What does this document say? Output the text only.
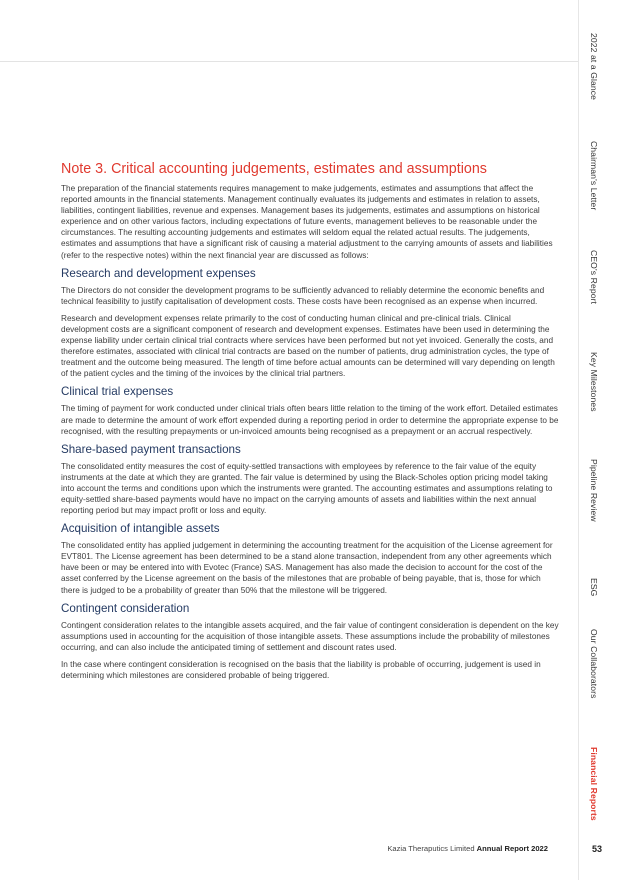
2022 at a Glance
Chairman’s Letter
CEO’s Report
Key Milestones
Pipeline Review
ESG
Our Collaborators
Financial Reports
Note 3. Critical accounting judgements, estimates and assumptions

The preparation of the financial statements requires management to make judgements, estimates and assumptions that affect the reported amounts in the financial statements. Management continually evaluates its judgements and estimates in relation to assets, liabilities, contingent liabilities, revenue and expenses. Management bases its judgements, estimates and assumptions on historical experience and on other various factors, including expectations of future events, management believes to be reasonable under the circumstances. The resulting accounting judgements and estimates will seldom equal the related actual results. The judgements, estimates and assumptions that have a significant risk of causing a material adjustment to the carrying amounts of assets and liabilities (refer to the respective notes) within the next financial year are discussed as follows:

Research and development expenses

The Directors do not consider the development programs to be sufficiently advanced to reliably determine the economic benefits and technical feasibility to justify capitalisation of development costs. These costs have been recognised as an expense when incurred.

Research and development expenses relate primarily to the cost of conducting human clinical and pre-clinical trials. Clinical development costs are a significant component of research and development expenses. Estimates have been used in determining the expense liability under certain clinical trial contracts where services have been performed but not yet invoiced. Generally the costs, and therefore estimates, associated with clinical trial contracts are based on the number of patients, drug administration cycles, the type of treatment and the outcome being measured. The length of time before actual amounts can be determined will vary depending on length of the patient cycles and the timing of the invoices by the clinical trial partners.

Clinical trial expenses

The timing of payment for work conducted under clinical trials often bears little relation to the timing of the work effort. Detailed estimates are made to determine the amount of work effort expended during a reporting period in order to determine the appropriate expense to be recognised, with the resulting prepayments or un-invoiced amounts being recognised as a prepayment or an accrual respectively.

Share-based payment transactions

The consolidated entity measures the cost of equity-settled transactions with employees by reference to the fair value of the equity instruments at the date at which they are granted. The fair value is determined by using the Black-Scholes option pricing model taking into account the terms and conditions upon which the instruments were granted. The accounting estimates and assumptions relating to equity-settled share-based payments would have no impact on the carrying amounts of assets and liabilities within the next annual reporting period but may impact profit or loss and equity.

Acquisition of intangible assets

The consolidated entity has applied judgement in determining the accounting treatment for the acquisition of the License agreement for EVT801. The License agreement has been determined to be a stand alone transaction, independent from any other agreements which have been or may be entered into with Evotec (France) SAS. Management has also made the decision to account for the cost of the asset conferred by the License agreement on the basis of the milestones that are probable of being payable, that is, those for which there is judged to be a probability of greater than 50% that the milestone will be triggered.

Contingent consideration

Contingent consideration relates to the intangible assets acquired, and the fair value of contingent consideration is dependent on the key assumptions used in accounting for the acquisition of those intangible assets. These assumptions include the probability of milestones occurring, and can also include the anticipated timing of settlement and discount rates used.

In the case where contingent consideration is recognised on the basis that the liability is probable of occurring, judgement is used in determining which milestones are considered probable of being triggered.

Kazia Theraputics Limited Annual Report 2022	53
